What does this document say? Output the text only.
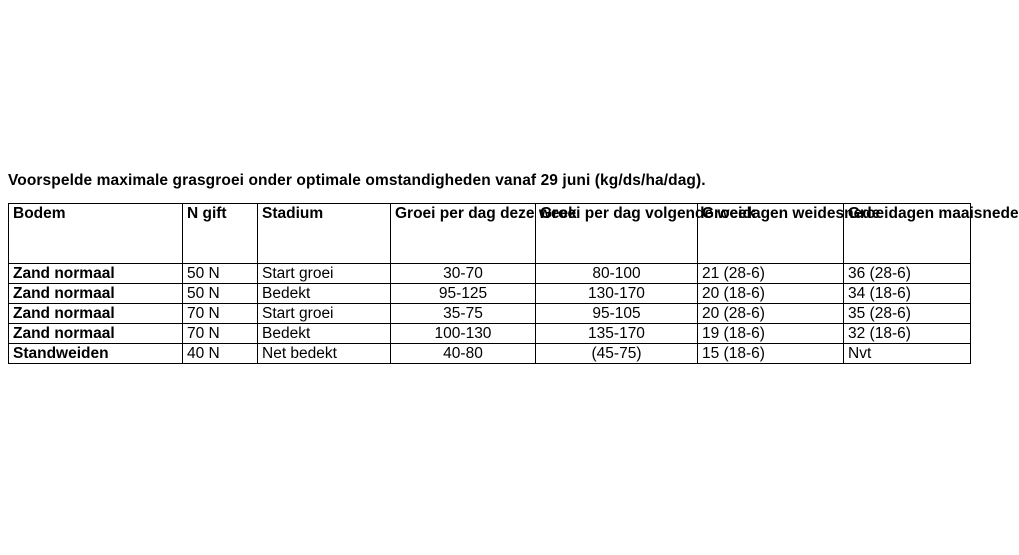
Voorspelde maximale grasgroei onder optimale omstandigheden vanaf 29 juni (kg/ds/ha/dag).
Bodem	N gift	Stadium	Groei per dag deze week	Groei per dag volgende week	Groeidagen weidesnede	Groeidagen maaisnede
Zand normaal	50 N	Start groei	30-70	80-100	21 (28-6)	36 (28-6)
Zand normaal	50 N	Bedekt	95-125	130-170	20 (18-6)	34 (18-6)
Zand normaal	70 N	Start groei	35-75	95-105	20 (28-6)	35 (28-6)
Zand normaal	70 N	Bedekt	100-130	135-170	19 (18-6)	32 (18-6)
Standweiden	40 N	Net bedekt	40-80	(45-75)	15 (18-6)	Nvt
